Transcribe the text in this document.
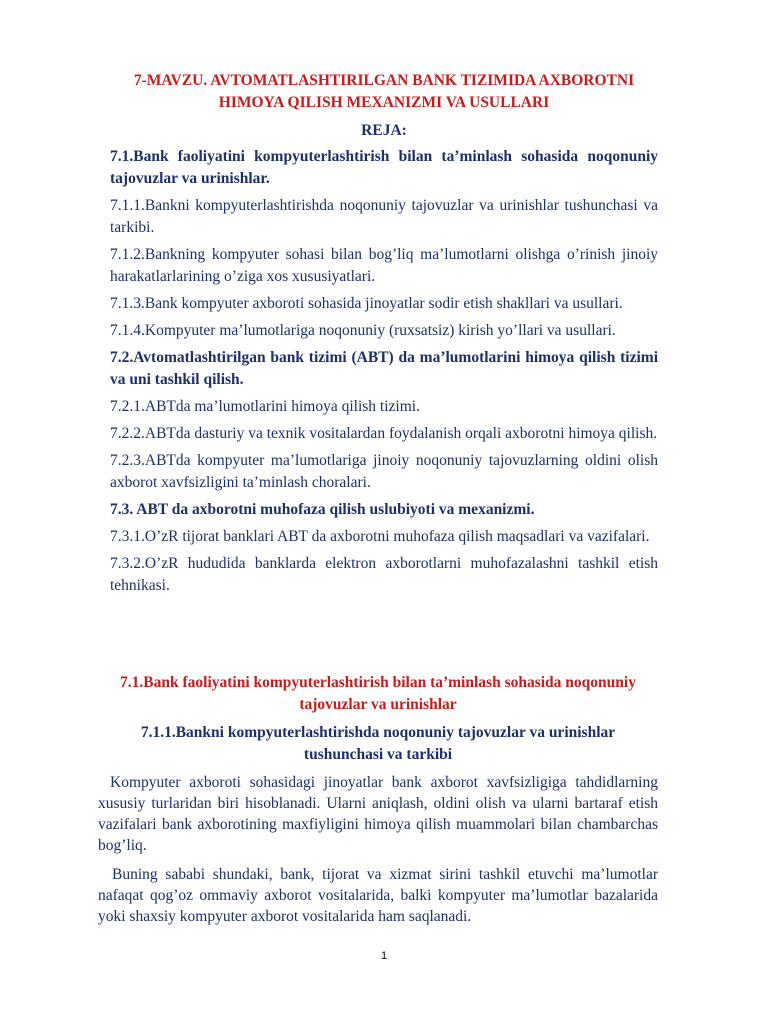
7-MAVZU. AVTOMATLASHTIRILGAN BANK TIZIMIDA AXBOROTNI
HIMOYA QILISH MEXANIZMI VA USULLARI

REJA:

7.1.Bank faoliyatini kompyuterlashtirish bilan ta’minlash sohasida noqonuniy tajovuzlar va urinishlar.

7.1.1.Bankni kompyuterlashtirishda noqonuniy tajovuzlar va urinishlar tushunchasi va tarkibi.

7.1.2.Bankning kompyuter sohasi bilan bog’liq ma’lumotlarni olishga o’rinish jinoiy harakatlarlarining o’ziga xos xususiyatlari.

7.1.3.Bank kompyuter axboroti sohasida jinoyatlar sodir etish shakllari va usullari.

7.1.4.Kompyuter ma’lumotlariga noqonuniy (ruxsatsiz) kirish yo’llari va usullari.

7.2.Avtomatlashtirilgan bank tizimi (ABT) da ma’lumotlarini himoya qilish tizimi va uni tashkil qilish.

7.2.1.ABTda ma’lumotlarini himoya qilish tizimi.

7.2.2.ABTda dasturiy va texnik vositalardan foydalanish orqali axborotni himoya qilish.

7.2.3.ABTda kompyuter ma’lumotlariga jinoiy noqonuniy tajovuzlarning oldini olish axborot xavfsizligini ta’minlash choralari.

7.3. ABT da axborotni muhofaza qilish uslubiyoti va mexanizmi.

7.3.1.O’zR tijorat banklari ABT da axborotni muhofaza qilish maqsadlari va vazifalari.

7.3.2.O’zR hududida banklarda elektron axborotlarni muhofazalashni tashkil etish tehnikasi.

7.1.Bank faoliyatini kompyuterlashtirish bilan ta’minlash sohasida noqonuniy
tajovuzlar va urinishlar

7.1.1.Bankni kompyuterlashtirishda noqonuniy tajovuzlar va urinishlar
tushunchasi va tarkibi

Kompyuter axboroti sohasidagi jinoyatlar bank axborot xavfsizligiga tahdidlarning xususiy turlaridan biri hisoblanadi. Ularni aniqlash, oldini olish va ularni bartaraf etish vazifalari bank axborotining maxfiyligini himoya qilish muammolari bilan chambarchas bog’liq.

Buning sababi shundaki, bank, tijorat va xizmat sirini tashkil etuvchi ma’lumotlar nafaqat qog’oz ommaviy axborot vositalarida, balki kompyuter ma’lumotlar bazalarida yoki shaxsiy kompyuter axborot vositalarida ham saqlanadi.

1
